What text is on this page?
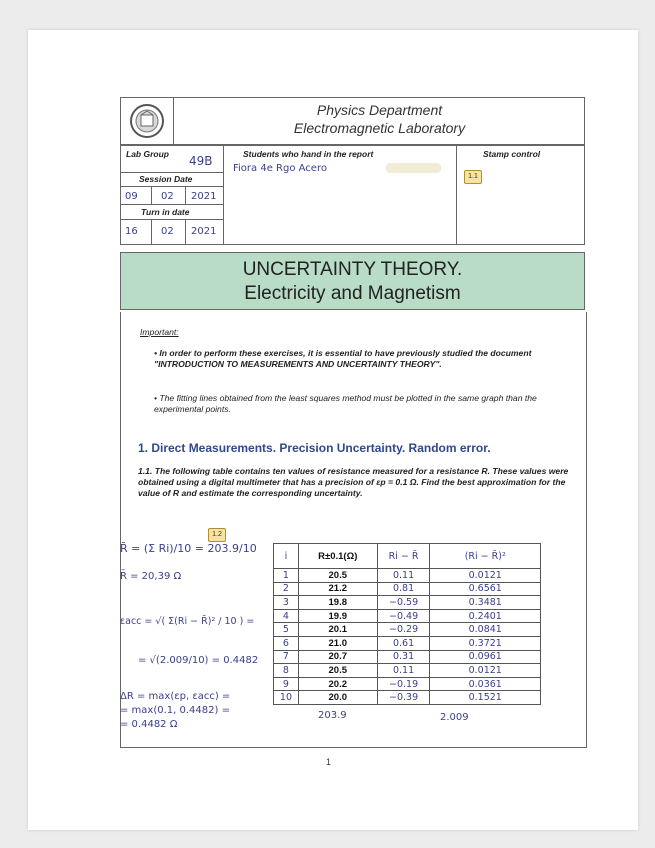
Physics Department
Electromagnetic Laboratory
Lab Group 49B
Session Date
09 02 2021
Turn in date
16 02 2021
Students who hand in the report
Fiora 4e Rgo Acero
Stamp control
1.1
UNCERTAINTY THEORY.
Electricity and Magnetism
Important:
• In order to perform these exercises, it is essential to have previously studied the document "INTRODUCTION TO MEASUREMENTS AND UNCERTAINTY THEORY".
• The fitting lines obtained from the least squares method must be plotted in the same graph than the experimental points.
1. Direct Measurements. Precision Uncertainty. Random error.
1.1. The following table contains ten values of resistance measured for a resistance R. These values were obtained using a digital multimeter that has a precision of εp = 0.1 Ω. Find the best approximation for the value of R and estimate the corresponding uncertainty.
1.2
R̄ = (Σ Ri)/10 = 203.9/10
R̄ = 20,39 Ω
εacc = √( Σ(Ri − R̄)² / 10 ) =
= √(2.009/10) = 0.4482
ΔR = max(εp, εacc) =
= max(0.1, 0.4482) =
= 0.4482 Ω
i	R±0.1(Ω)	Ri − R̄	(Ri − R̄)²
1	20.5	0.11	0.0121
2	21.2	0.81	0.6561
3	19.8	−0.59	0.3481
4	19.9	−0.49	0.2401
5	20.1	−0.29	0.0841
6	21.0	0.61	0.3721
7	20.7	0.31	0.0961
8	20.5	0.11	0.0121
9	20.2	−0.19	0.0361
10	20.0	−0.39	0.1521
203.9	2.009
1
